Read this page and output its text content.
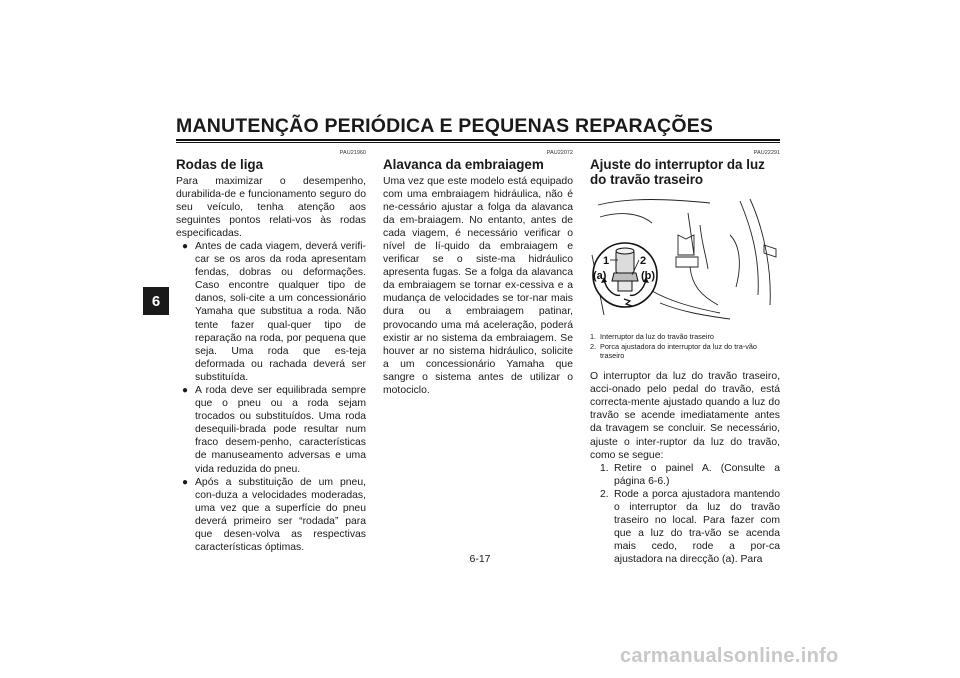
MANUTENÇÃO PERIÓDICA E PEQUENAS REPARAÇÕES
6
PAU21960
Rodas de liga

Para maximizar o desempenho, durabilida-de e funcionamento seguro do seu veículo, tenha atenção aos seguintes pontos relati-vos às rodas especificadas.

● Antes de cada viagem, deverá verifi-car se os aros da roda apresentam fendas, dobras ou deformações. Caso encontre qualquer tipo de danos, soli-cite a um concessionário Yamaha que substitua a roda. Não tente fazer qual-quer tipo de reparação na roda, por pequena que seja. Uma roda que es-teja deformada ou rachada deverá ser substituída.
● A roda deve ser equilibrada sempre que o pneu ou a roda sejam trocados ou substituídos. Uma roda desequili-brada pode resultar num fraco desem-penho, características de manuseamento adversas e uma vida reduzida do pneu.
● Após a substituição de um pneu, con-duza a velocidades moderadas, uma vez que a superfície do pneu deverá primeiro ser “rodada” para que desen-volva as respectivas características óptimas.
PAU22072
Alavanca da embraiagem

Uma vez que este modelo está equipado com uma embraiagem hidráulica, não é ne-cessário ajustar a folga da alavanca da em-braiagem. No entanto, antes de cada viagem, é necessário verificar o nível de lí-quido da embraiagem e verificar se o siste-ma hidráulico apresenta fugas. Se a folga da alavanca da embraiagem se tornar ex-cessiva e a mudança de velocidades se tor-nar mais dura ou a embraiagem patinar, provocando uma má aceleração, poderá existir ar no sistema da embraiagem. Se houver ar no sistema hidráulico, solicite a um concessionário Yamaha que sangre o sistema antes de utilizar o motociclo.

PAU22291
Ajuste do interruptor da luz do travão traseiro
1	2
(a)	(b)
1. Interruptor da luz do travão traseiro
2. Porca ajustadora do interruptor da luz do tra-vão traseiro

O interruptor da luz do travão traseiro, acci-onado pelo pedal do travão, está correcta-mente ajustado quando a luz do travão se acende imediatamente antes da travagem se concluir. Se necessário, ajuste o inter-ruptor da luz do travão, como se segue:

1. Retire o painel A. (Consulte a página 6-6.)
2. Rode a porca ajustadora mantendo o interruptor da luz do travão traseiro no local. Para fazer com que a luz do tra-vão se acenda mais cedo, rode a por-ca ajustadora na direcção (a). Para
6-17
carmanualsonline.info
